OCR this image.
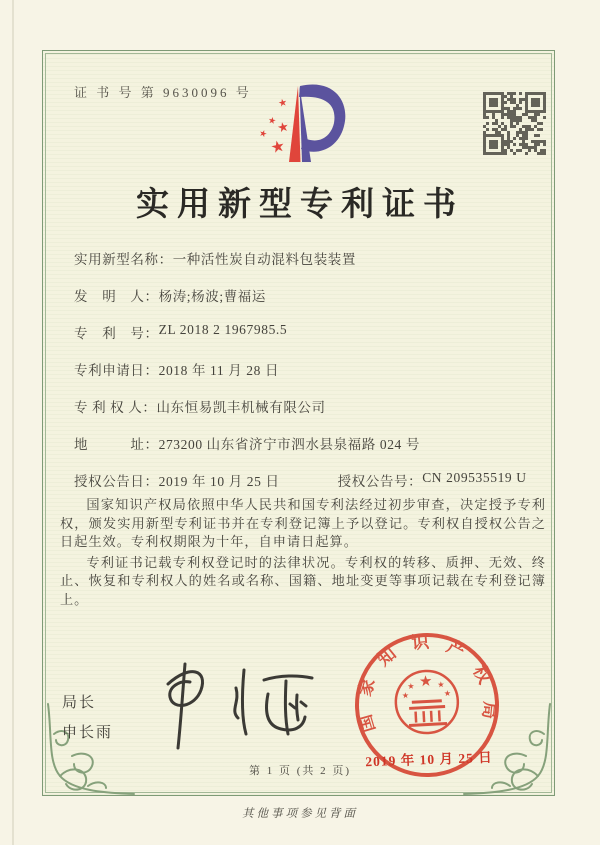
证 书 号 第 9630096 号
★
★
★
★
★
实用新型专利证书
实用新型名称： 一种活性炭自动混料包装装置
发　明　人： 杨涛;杨波;曹福运
专　利　号： ZL 2018 2 1967985.5
专利申请日： 2018 年 11 月 28 日
专 利 权 人： 山东恒易凯丰机械有限公司
地　　　址： 273200 山东省济宁市泗水县泉福路 024 号
授权公告日： 2019 年 10 月 25 日	授权公告号： CN 209535519 U

国家知识产权局依照中华人民共和国专利法经过初步审查，决定授予专利权，颁发实用新型专利证书并在专利登记簿上予以登记。专利权自授权公告之日起生效。专利权期限为十年，自申请日起算。

专利证书记载专利权登记时的法律状况。专利权的转移、质押、无效、终止、恢复和专利权人的姓名或名称、国籍、地址变更等事项记载在专利登记簿上。

局长
申长雨	国家知识产权局
★
★	★
★	★
2019 年 10 月 25 日
第 1 页 (共 2 页)
其他事项参见背面
